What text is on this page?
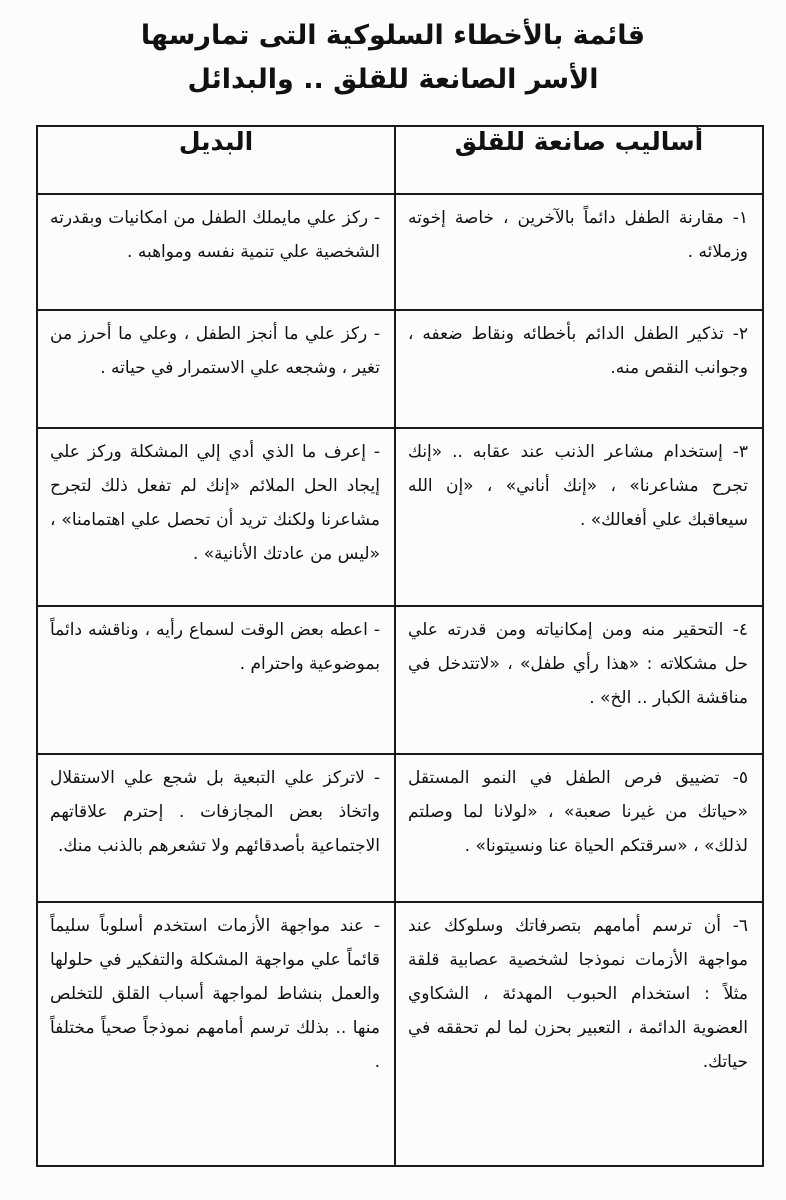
قائمة بالأخطاء السلوكية التى تمارسها

الأسر الصانعة للقلق .. والبدائل

أساليب صانعة للقلق	البديل
١- مقارنة الطفل دائماً بالآخرين ، خاصة إخوته وزملائه .	- ركز علي مايملك الطفل من امكانيات وبقدرته الشخصية علي تنمية نفسه ومواهبه .
٢- تذكير الطفل الدائم بأخطائه ونقاط ضعفه ، وجوانب النقص منه.	- ركز علي ما أنجز الطفل ، وعلي ما أحرز من تغير ، وشجعه علي الاستمرار في حياته .
٣- إستخدام مشاعر الذنب عند عقابه .. «إنك تجرح مشاعرنا» ، «إنك أناني» ، «إن الله سيعاقبك علي أفعالك» .	- إعرف ما الذي أدي إلي المشكلة وركز علي إيجاد الحل الملائم «إنك لم تفعل ذلك لتجرح مشاعرنا ولكنك تريد أن تحصل علي اهتمامنا» ، «ليس من عادتك الأنانية» .
٤- التحقير منه ومن إمكانياته ومن قدرته علي حل مشكلاته : «هذا رأي طفل» ، «لاتتدخل في مناقشة الكبار .. الخ» .	- اعطه بعض الوقت لسماع رأيه ، وناقشه دائماً بموضوعية واحترام .
٥- تضييق فرص الطفل في النمو المستقل «حياتك من غيرنا صعبة» ، «لولانا لما وصلتم لذلك» ، «سرقتكم الحياة عنا ونسيتونا» .	- لاتركز علي التبعية بل شجع علي الاستقلال واتخاذ بعض المجازفات . إحترم علاقاتهم الاجتماعية بأصدقائهم ولا تشعرهم بالذنب منك.
٦- أن ترسم أمامهم بتصرفاتك وسلوكك عند مواجهة الأزمات نموذجا لشخصية عصابية قلقة مثلاً : استخدام الحبوب المهدئة ، الشكاوي العضوية الدائمة ، التعبير بحزن لما لم تحققه في حياتك.	- عند مواجهة الأزمات استخدم أسلوباً سليماً قائماً علي مواجهة المشكلة والتفكير في حلولها والعمل بنشاط لمواجهة أسباب القلق للتخلص منها .. بذلك ترسم أمامهم نموذجاً صحياً مختلفاً .
